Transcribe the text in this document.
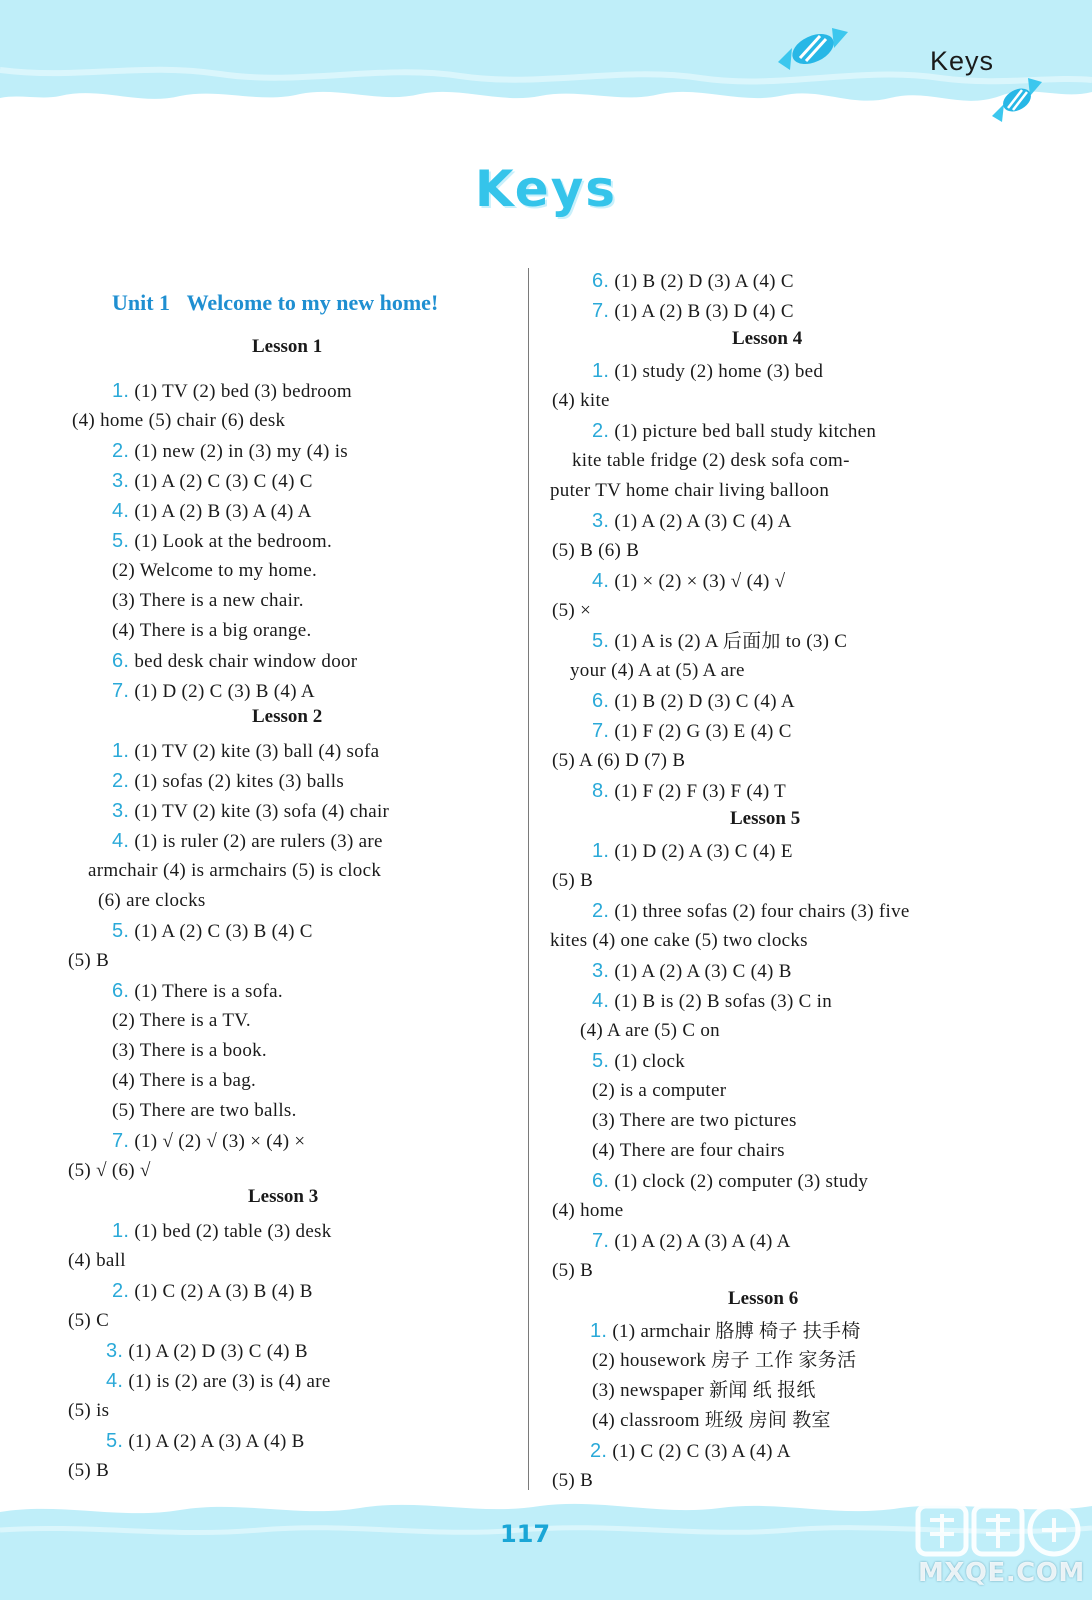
Keys
Keys
Unit 1 Welcome to my new home!
Lesson 1
1. (1) TV (2) bed (3) bedroom
(4) home (5) chair (6) desk
2. (1) new (2) in (3) my (4) is
3. (1) A (2) C (3) C (4) C
4. (1) A (2) B (3) A (4) A
5. (1) Look at the bedroom.
(2) Welcome to my home.
(3) There is a new chair.
(4) There is a big orange.
6. bed desk chair window door
7. (1) D (2) C (3) B (4) A
Lesson 2
1. (1) TV (2) kite (3) ball (4) sofa
2. (1) sofas (2) kites (3) balls
3. (1) TV (2) kite (3) sofa (4) chair
4. (1) is ruler (2) are rulers (3) are
armchair (4) is armchairs (5) is clock
(6) are clocks
5. (1) A (2) C (3) B (4) C
(5) B
6. (1) There is a sofa.
(2) There is a TV.
(3) There is a book.
(4) There is a bag.
(5) There are two balls.
7. (1) √ (2) √ (3) × (4) ×
(5) √ (6) √
Lesson 3
1. (1) bed (2) table (3) desk
(4) ball
2. (1) C (2) A (3) B (4) B
(5) C
3. (1) A (2) D (3) C (4) B
4. (1) is (2) are (3) is (4) are
(5) is
5. (1) A (2) A (3) A (4) B
(5) B
6. (1) B (2) D (3) A (4) C
7. (1) A (2) B (3) D (4) C
Lesson 4
1. (1) study (2) home (3) bed
(4) kite
2. (1) picture bed ball study kitchen
kite table fridge (2) desk sofa com-
puter TV home chair living balloon
3. (1) A (2) A (3) C (4) A
(5) B (6) B
4. (1) × (2) × (3) √ (4) √
(5) ×
5. (1) A is (2) A 后面加 to (3) C
your (4) A at (5) A are
6. (1) B (2) D (3) C (4) A
7. (1) F (2) G (3) E (4) C
(5) A (6) D (7) B
8. (1) F (2) F (3) F (4) T
Lesson 5
1. (1) D (2) A (3) C (4) E
(5) B
2. (1) three sofas (2) four chairs (3) five
kites (4) one cake (5) two clocks
3. (1) A (2) A (3) C (4) B
4. (1) B is (2) B sofas (3) C in
(4) A are (5) C on
5. (1) clock
(2) is a computer
(3) There are two pictures
(4) There are four chairs
6. (1) clock (2) computer (3) study
(4) home
7. (1) A (2) A (3) A (4) A
(5) B
Lesson 6
1. (1) armchair 胳膊 椅子 扶手椅
(2) housework 房子 工作 家务活
(3) newspaper 新闻 纸 报纸
(4) classroom 班级 房间 教室
2. (1) C (2) C (3) A (4) A
(5) B
117
MXQE.COM
